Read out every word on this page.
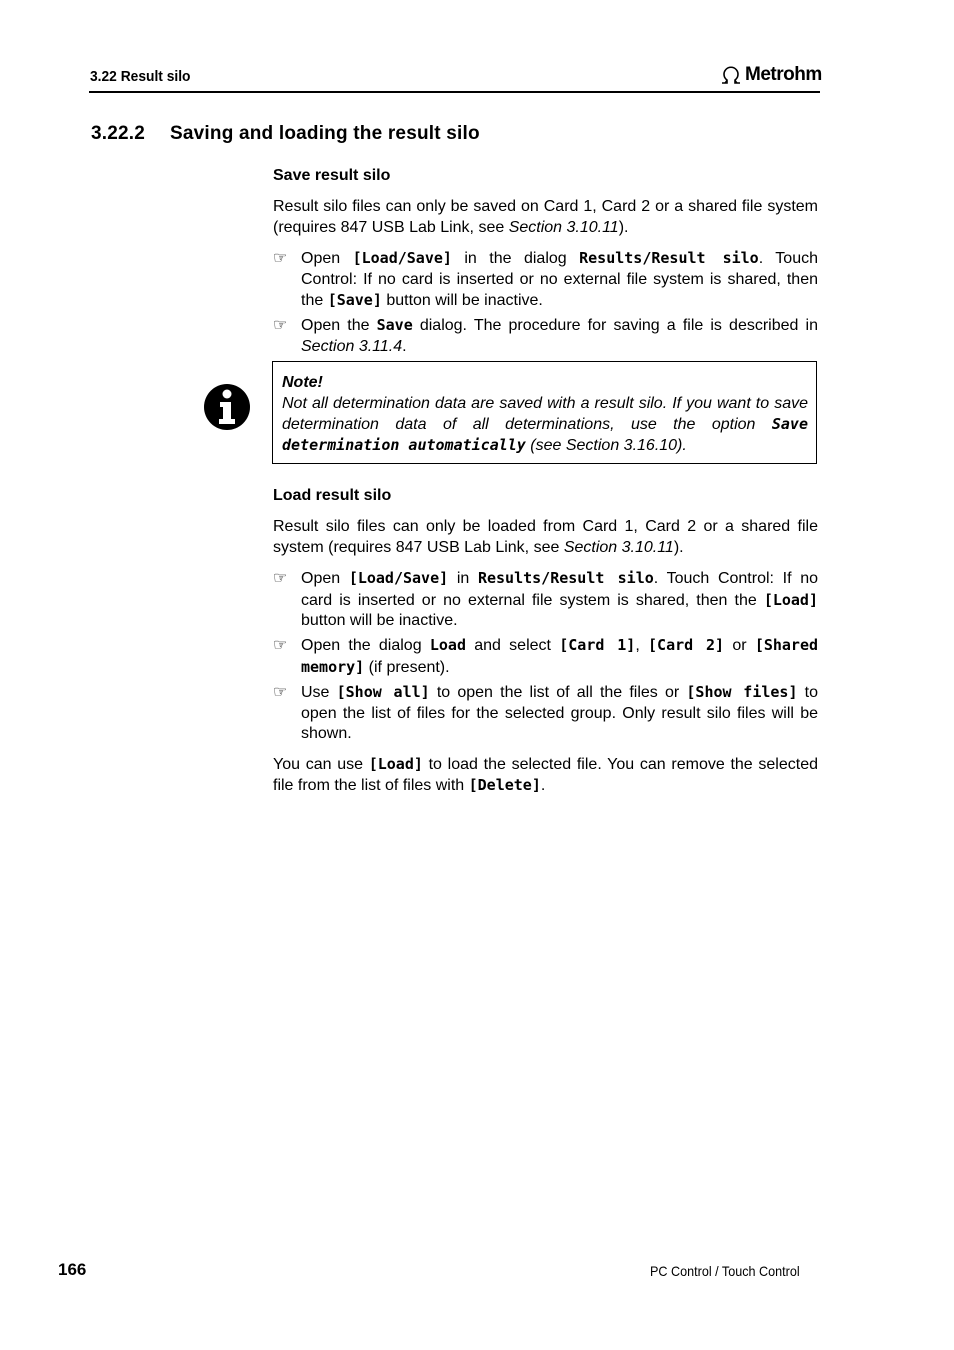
3.22 Result silo	Metrohm
3.22.2 Saving and loading the result silo
Save result silo
Result silo files can only be saved on Card 1, Card 2 or a shared file system (requires 847 USB Lab Link, see Section 3.10.11).
☞ Open [Load/Save] in the dialog Results/Result silo. Touch Control: If no card is inserted or no external file system is shared, then the [Save] button will be inactive.
☞ Open the Save dialog. The procedure for saving a file is described in Section 3.11.4.
Note!
Not all determination data are saved with a result silo. If you want to save determination data of all determinations, use the option Save determination automatically (see Section 3.16.10).
Load result silo
Result silo files can only be loaded from Card 1, Card 2 or a shared file system (requires 847 USB Lab Link, see Section 3.10.11).
☞ Open [Load/Save] in Results/Result silo. Touch Control: If no card is inserted or no external file system is shared, then the [Load] button will be inactive.
☞ Open the dialog Load and select [Card 1], [Card 2] or [Shared memory] (if present).
☞ Use [Show all] to open the list of all the files or [Show files] to open the list of files for the selected group. Only result silo files will be shown.
You can use [Load] to load the selected file. You can remove the selected file from the list of files with [Delete].
166	PC Control / Touch Control
